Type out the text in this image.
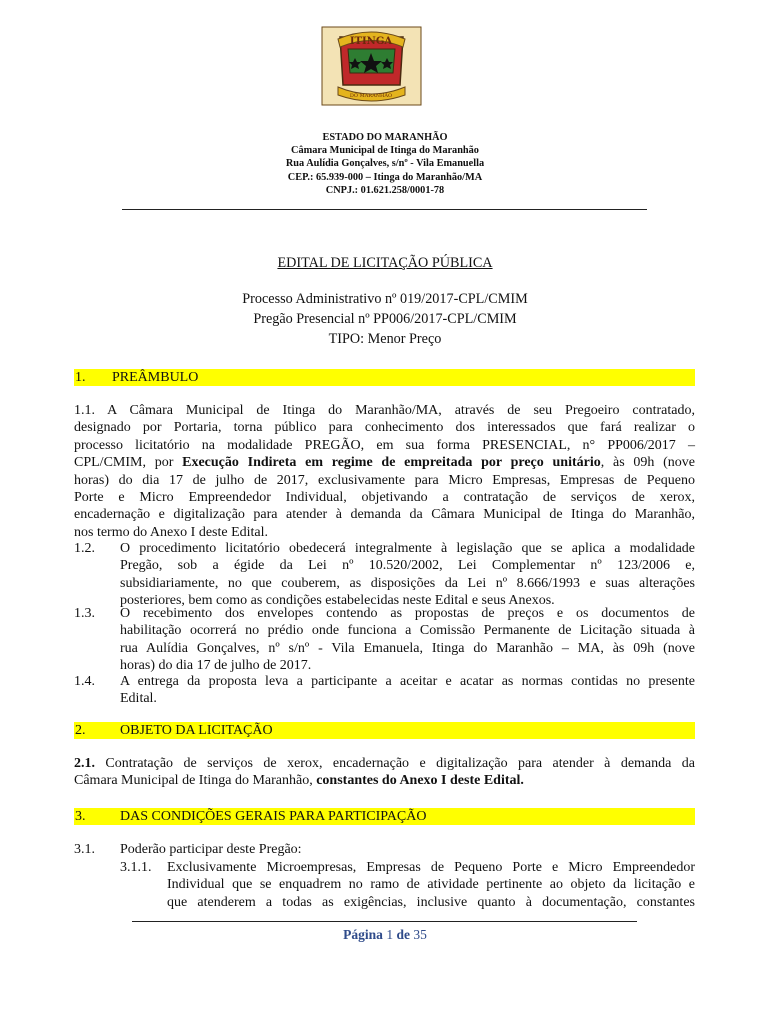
ITINGA
DO MARANHÃO
ESTADO DO MARANHÃO
Câmara Municipal de Itinga do Maranhão
Rua Aulídia Gonçalves, s/nº - Vila Emanuella
CEP.: 65.939-000 – Itinga do Maranhão/MA
CNPJ.: 01.621.258/0001-78
EDITAL DE LICITAÇÃO PÚBLICA
Processo Administrativo nº 019/2017-CPL/CMIM
Pregão Presencial nº PP006/2017-CPL/CMIM
TIPO: Menor Preço
1. PREÂMBULO
1.1. A Câmara Municipal de Itinga do Maranhão/MA, através de seu Pregoeiro contratado,
designado por Portaria, torna público para conhecimento dos interessados que fará realizar o
processo licitatório na modalidade PREGÃO, em sua forma PRESENCIAL, n° PP006/2017 –
CPL/CMIM, por Execução Indireta em regime de empreitada por preço unitário, às 09h (nove
horas) do dia 17 de julho de 2017, exclusivamente para Micro Empresas, Empresas de Pequeno
Porte e Micro Empreendedor Individual, objetivando a contratação de serviços de xerox,
encadernação e digitalização para atender à demanda da Câmara Municipal de Itinga do Maranhão,
nos termo do Anexo I deste Edital.
1.2. O procedimento licitatório obedecerá integralmente à legislação que se aplica a modalidade
Pregão, sob a égide da Lei nº 10.520/2002, Lei Complementar nº 123/2006 e,
subsidiariamente, no que couberem, as disposições da Lei nº 8.666/1993 e suas alterações
posteriores, bem como as condições estabelecidas neste Edital e seus Anexos.
1.3. O recebimento dos envelopes contendo as propostas de preços e os documentos de
habilitação ocorrerá no prédio onde funciona a Comissão Permanente de Licitação situada à
rua Aulídia Gonçalves, nº s/nº - Vila Emanuela, Itinga do Maranhão – MA, às 09h (nove
horas) do dia 17 de julho de 2017.
1.4. A entrega da proposta leva a participante a aceitar e acatar as normas contidas no presente
Edital.
2. OBJETO DA LICITAÇÃO
2.1. Contratação de serviços de xerox, encadernação e digitalização para atender à demanda da
Câmara Municipal de Itinga do Maranhão, constantes do Anexo I deste Edital.
3. DAS CONDIÇÕES GERAIS PARA PARTICIPAÇÃO
3.1. Poderão participar deste Pregão:
3.1.1. Exclusivamente Microempresas, Empresas de Pequeno Porte e Micro Empreendedor
Individual que se enquadrem no ramo de atividade pertinente ao objeto da licitação e
que atenderem a todas as exigências, inclusive quanto à documentação, constantes
Página 1 de 35
